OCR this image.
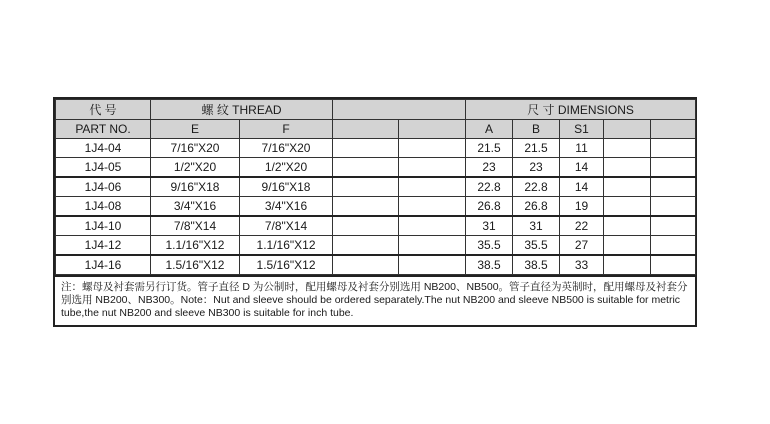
代 号	螺 纹 THREAD				尺 寸 DIMENSIONS				
PART NO.	E	F			A	B	S1		
1J4-04	7/16"X20	7/16"X20			21.5	21.5	11		
1J4-05	1/2"X20	1/2"X20			23	23	14		
1J4-06	9/16"X18	9/16"X18			22.8	22.8	14		
1J4-08	3/4"X16	3/4"X16			26.8	26.8	19		
1J4-10	7/8"X14	7/8"X14			31	31	22		
1J4-12	1.1/16"X12	1.1/16"X12			35.5	35.5	27		
1J4-16	1.5/16"X12	1.5/16"X12			38.5	38.5	33		
注：螺母及衬套需另行订货。管子直径 D 为公制时，配用螺母及衬套分别选用 NB200、NB500。管子直径为英制时，配用螺母及衬套分别选用 NB200、NB300。Note：Nut and sleeve should be ordered separately.The nut NB200 and sleeve NB500 is suitable for metric tube,the nut NB200 and sleeve NB300 is suitable for inch tube.
